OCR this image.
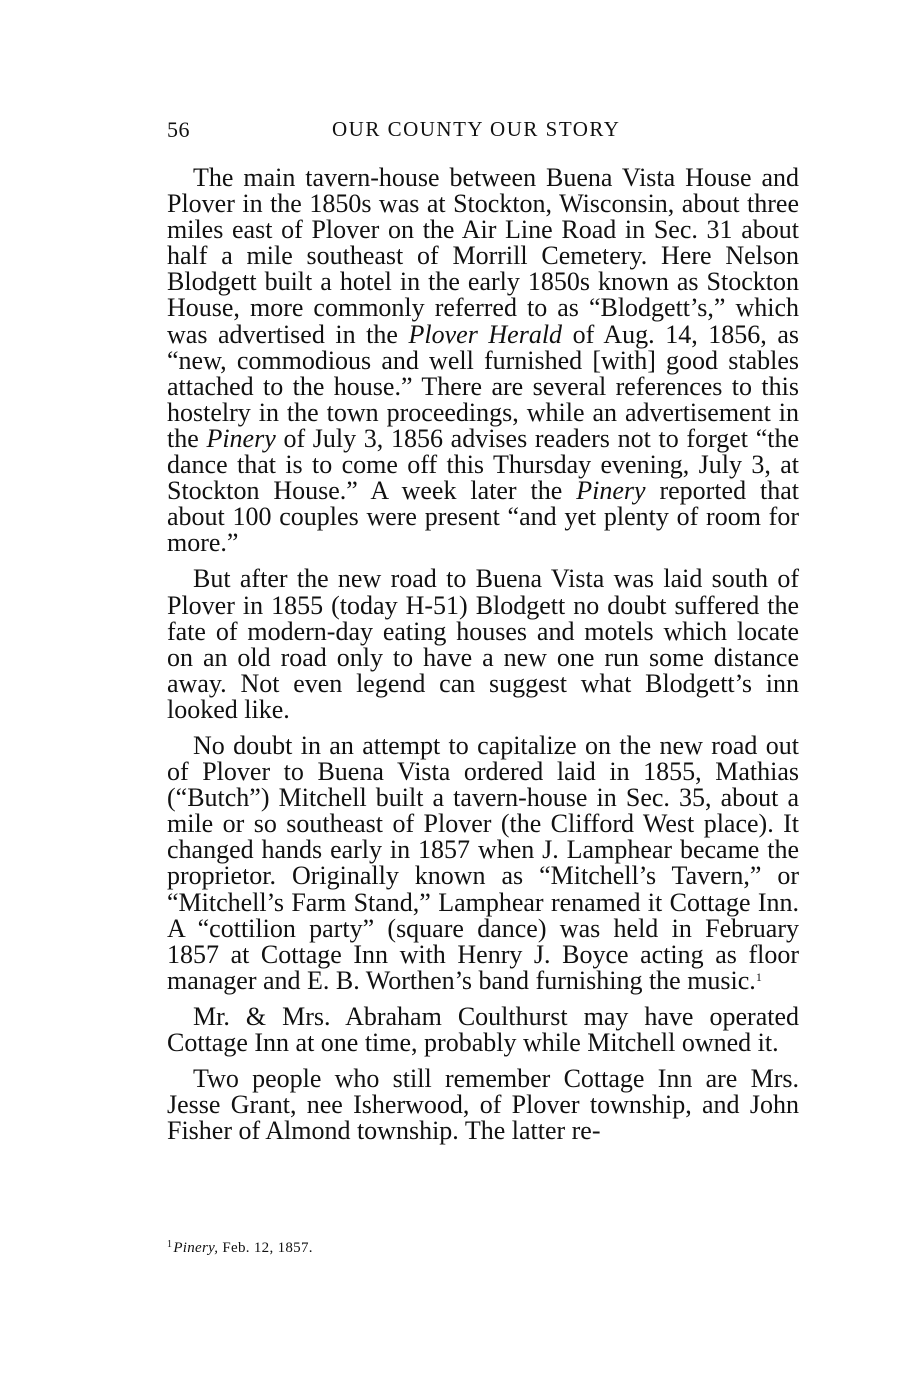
56	OUR COUNTY OUR STORY

The main tavern-house between Buena Vista House and Plover in the 1850s was at Stockton, Wisconsin, about three miles east of Plover on the Air Line Road in Sec. 31 about half a mile southeast of Morrill Cemetery. Here Nelson Blodgett built a hotel in the early 1850s known as Stockton House, more commonly referred to as “Blodgett’s,” which was advertised in the Plover Herald of Aug. 14, 1856, as “new, commodious and well furnished [with] good stables attached to the house.” There are several references to this hostelry in the town proceedings, while an advertisement in the Pinery of July 3, 1856 advises readers not to forget “the dance that is to come off this Thursday evening, July 3, at Stockton House.” A week later the Pinery reported that about 100 couples were present “and yet plenty of room for more.”

But after the new road to Buena Vista was laid south of Plover in 1855 (today H-51) Blodgett no doubt suffered the fate of modern-day eating houses and motels which locate on an old road only to have a new one run some distance away. Not even legend can suggest what Blodgett’s inn looked like.

No doubt in an attempt to capitalize on the new road out of Plover to Buena Vista ordered laid in 1855, Mathias (“Butch”) Mitchell built a tavern-house in Sec. 35, about a mile or so southeast of Plover (the Clifford West place). It changed hands early in 1857 when J. Lamphear became the proprietor. Originally known as “Mitchell’s Tavern,” or “Mitchell’s Farm Stand,” Lamphear renamed it Cottage Inn. A “cottilion party” (square dance) was held in February 1857 at Cottage Inn with Henry J. Boyce acting as floor manager and E. B. Worthen’s band furnishing the music.$^1$

Mr. & Mrs. Abraham Coulthurst may have operated Cottage Inn at one time, probably while Mitchell owned it.

Two people who still remember Cottage Inn are Mrs. Jesse Grant, nee Isherwood, of Plover township, and John Fisher of Almond township. The latter re-

$^1$Pinery, Feb. 12, 1857.
